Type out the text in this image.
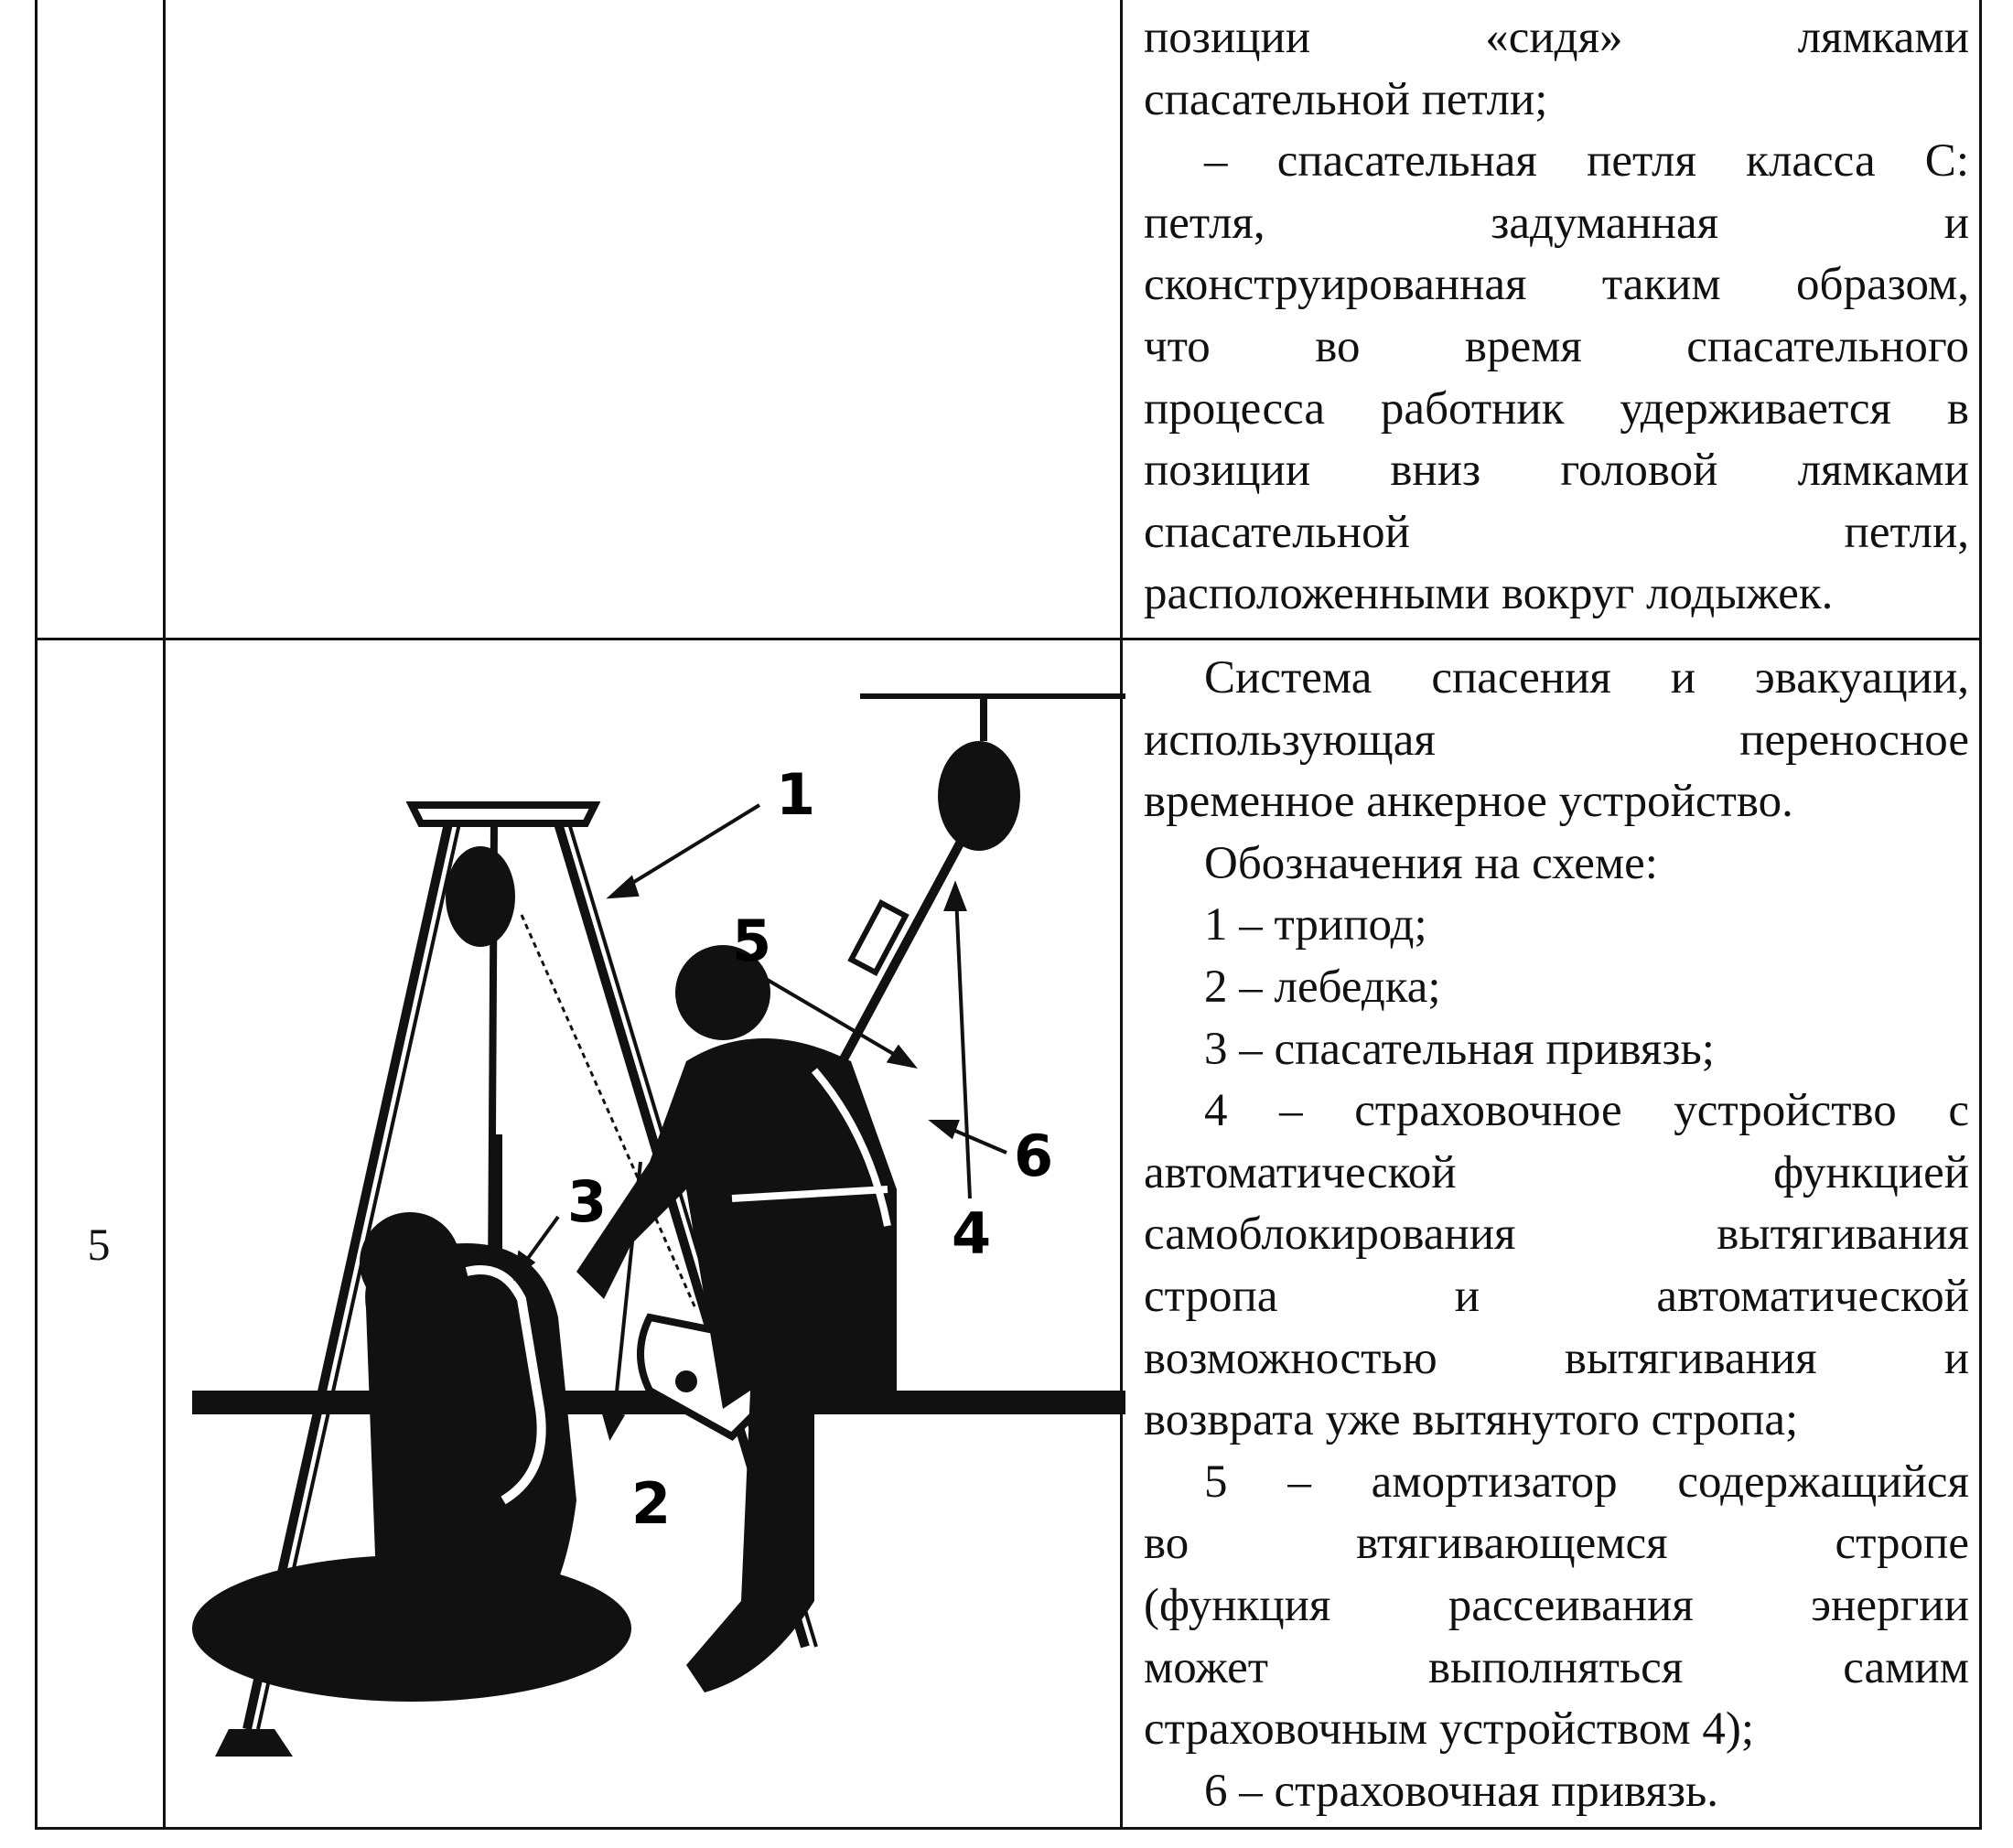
позиции «сидя» лямками

спасательной петли;

– спасательная петля класса С:

петля, задуманная и

сконструированная таким образом,

что во время спасательного

процесса работник удерживается в

позиции вниз головой лямками

спасательной петли,

расположенными вокруг лодыжек.

5

Система спасения и эвакуации,

использующая переносное

временное анкерное устройство.

Обозначения на схеме:

1 – трипод;

2 – лебедка;

3 – спасательная привязь;

4 – страховочное устройство с

автоматической функцией

самоблокирования вытягивания

стропа и автоматической

возможностью вытягивания и

возврата уже вытянутого стропа;

5 – амортизатор содержащийся

во втягивающемся стропе

(функция рассеивания энергии

может выполняться самим

страховочным устройством 4);

6 – страховочная привязь.

1
2
3	4
5
6
